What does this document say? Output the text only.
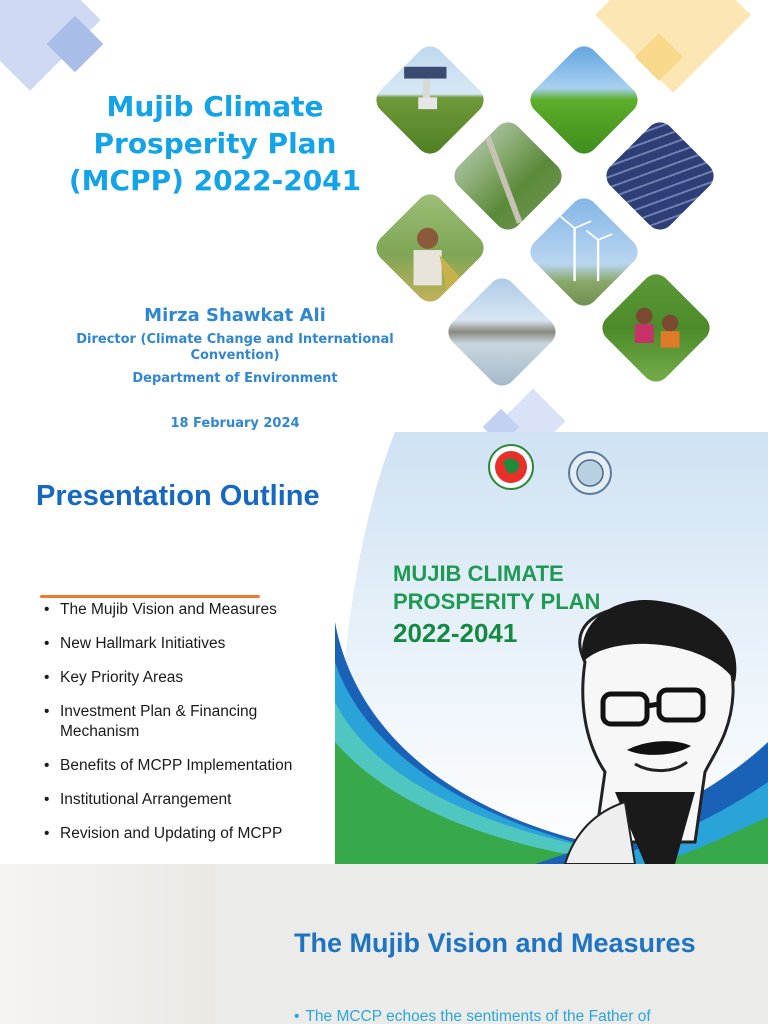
Mujib Climate
Prosperity Plan
(MCPP) 2022-2041

Mirza Shawkat Ali

Director (Climate Change and International
Convention)

Department of Environment

18 February 2024

Presentation Outline
• The Mujib Vision and Measures
• New Hallmark Initiatives
• Key Priority Areas
• Investment Plan & Financing
Mechanism
• Benefits of MCPP Implementation
• Institutional Arrangement
• Revision and Updating of MCPP

MUJIB CLIMATE
PROSPERITY PLAN

2022-2041

The Mujib Vision and Measures

• The MCCP echoes the sentiments of the Father of
